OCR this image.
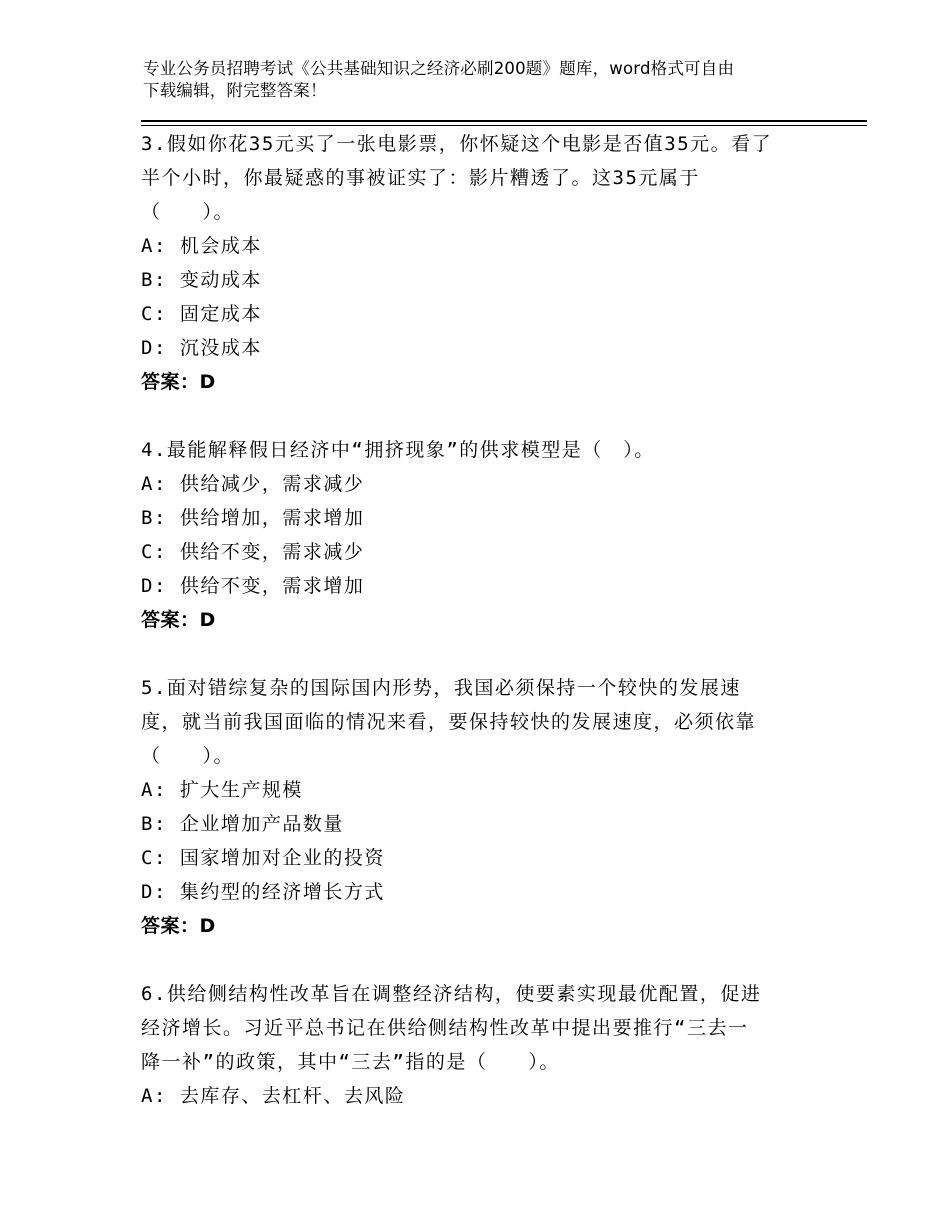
专业公务员招聘考试《公共基础知识之经济必刷200题》题库，word格式可自由
下载编辑，附完整答案！
3.假如你花35元买了一张电影票，你怀疑这个电影是否值35元。看了
半个小时，你最疑惑的事被证实了：影片糟透了。这35元属于
（　　）。
A: 机会成本
B: 变动成本
C: 固定成本
D: 沉没成本
答案：D
4.最能解释假日经济中“拥挤现象”的供求模型是（　）。
A: 供给减少，需求减少
B: 供给增加，需求增加
C: 供给不变，需求减少
D: 供给不变，需求增加
答案：D
5.面对错综复杂的国际国内形势，我国必须保持一个较快的发展速
度，就当前我国面临的情况来看，要保持较快的发展速度，必须依靠
（　　）。
A: 扩大生产规模
B: 企业增加产品数量
C: 国家增加对企业的投资
D: 集约型的经济增长方式
答案：D
6.供给侧结构性改革旨在调整经济结构，使要素实现最优配置，促进
经济增长。习近平总书记在供给侧结构性改革中提出要推行“三去一
降一补”的政策，其中“三去”指的是（　　）。
A: 去库存、去杠杆、去风险
